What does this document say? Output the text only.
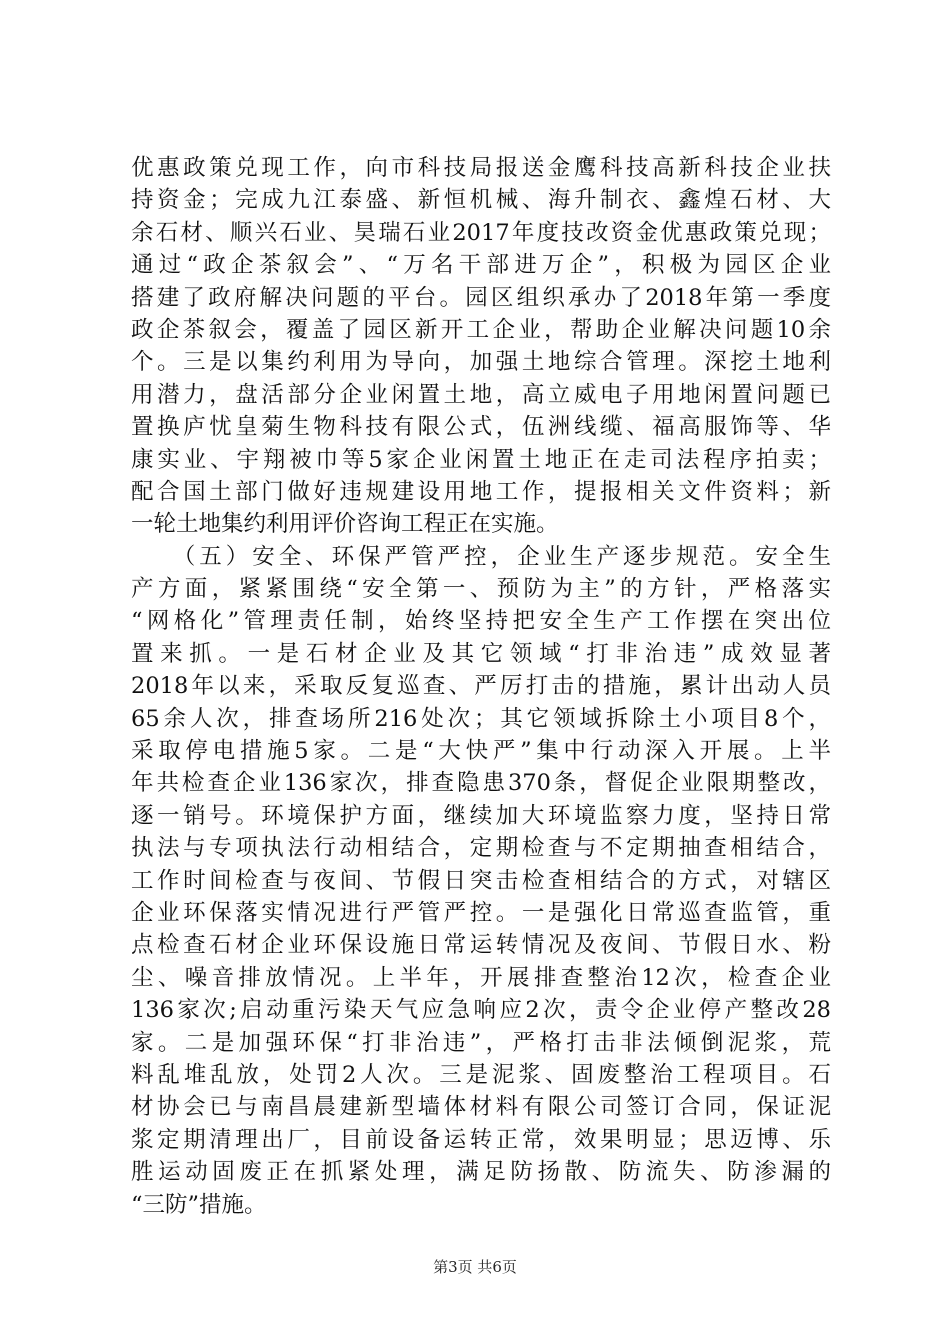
优惠政策兑现工作，向市科技局报送金鹰科技高新科技企业扶
持资金；完成九江泰盛、新恒机械、海升制衣、鑫煌石材、大
余石材、顺兴石业、昊瑞石业2017年度技改资金优惠政策兑现；
通过“政企茶叙会”、“万名干部进万企”，积极为园区企业
搭建了政府解决问题的平台。园区组织承办了2018年第一季度
政企茶叙会，覆盖了园区新开工企业，帮助企业解决问题10余
个。三是以集约利用为导向，加强土地综合管理。深挖土地利
用潜力，盘活部分企业闲置土地，高立威电子用地闲置问题已
置换庐忧皇菊生物科技有限公式，伍洲线缆、福高服饰等、华
康实业、宇翔被巾等5家企业闲置土地正在走司法程序拍卖；
配合国土部门做好违规建设用地工作，提报相关文件资料；新
一轮土地集约利用评价咨询工程正在实施。
　　（五）安全、环保严管严控，企业生产逐步规范。安全生
产方面，紧紧围绕“安全第一、预防为主”的方针，严格落实
“网格化”管理责任制，始终坚持把安全生产工作摆在突出位
置来抓。一是石材企业及其它领域“打非治违”成效显著
2018年以来，采取反复巡查、严厉打击的措施，累计出动人员
65余人次，排查场所216处次；其它领域拆除土小项目8个，
采取停电措施5家。二是“大快严”集中行动深入开展。上半
年共检查企业136家次，排查隐患370条，督促企业限期整改，
逐一销号。环境保护方面，继续加大环境监察力度，坚持日常
执法与专项执法行动相结合，定期检查与不定期抽查相结合，
工作时间检查与夜间、节假日突击检查相结合的方式，对辖区
企业环保落实情况进行严管严控。一是强化日常巡查监管，重
点检查石材企业环保设施日常运转情况及夜间、节假日水、粉
尘、噪音排放情况。上半年，开展排查整治12次，检查企业
136家次;启动重污染天气应急响应2次，责令企业停产整改28
家。二是加强环保“打非治违”，严格打击非法倾倒泥浆，荒
料乱堆乱放，处罚2人次。三是泥浆、固废整治工程项目。石
材协会已与南昌晨建新型墙体材料有限公司签订合同，保证泥
浆定期清理出厂，目前设备运转正常，效果明显；思迈博、乐
胜运动固废正在抓紧处理，满足防扬散、防流失、防渗漏的
“三防”措施。
第3页 共6页
